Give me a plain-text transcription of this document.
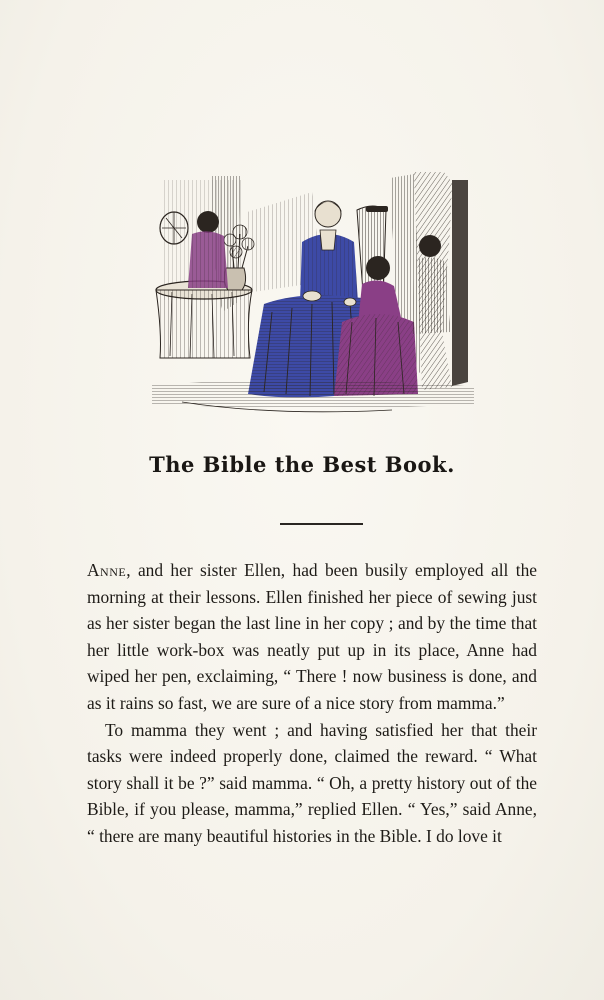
The Bible the Best Book.

Anne, and her sister Ellen, had been busily employed all the morning at their lessons. Ellen finished her piece of sewing just as her sister began the last line in her copy ; and by the time that her little work-box was neatly put up in its place, Anne had wiped her pen, exclaiming, “ There ! now business is done, and as it rains so fast, we are sure of a nice story from mamma.”

To mamma they went ; and having satisfied her that their tasks were indeed properly done, claimed the reward. “ What story shall it be ?” said mamma. “ Oh, a pretty history out of the Bible, if you please, mamma,” replied Ellen. “ Yes,” said Anne, “ there are many beautiful histories in the Bible. I do love it
